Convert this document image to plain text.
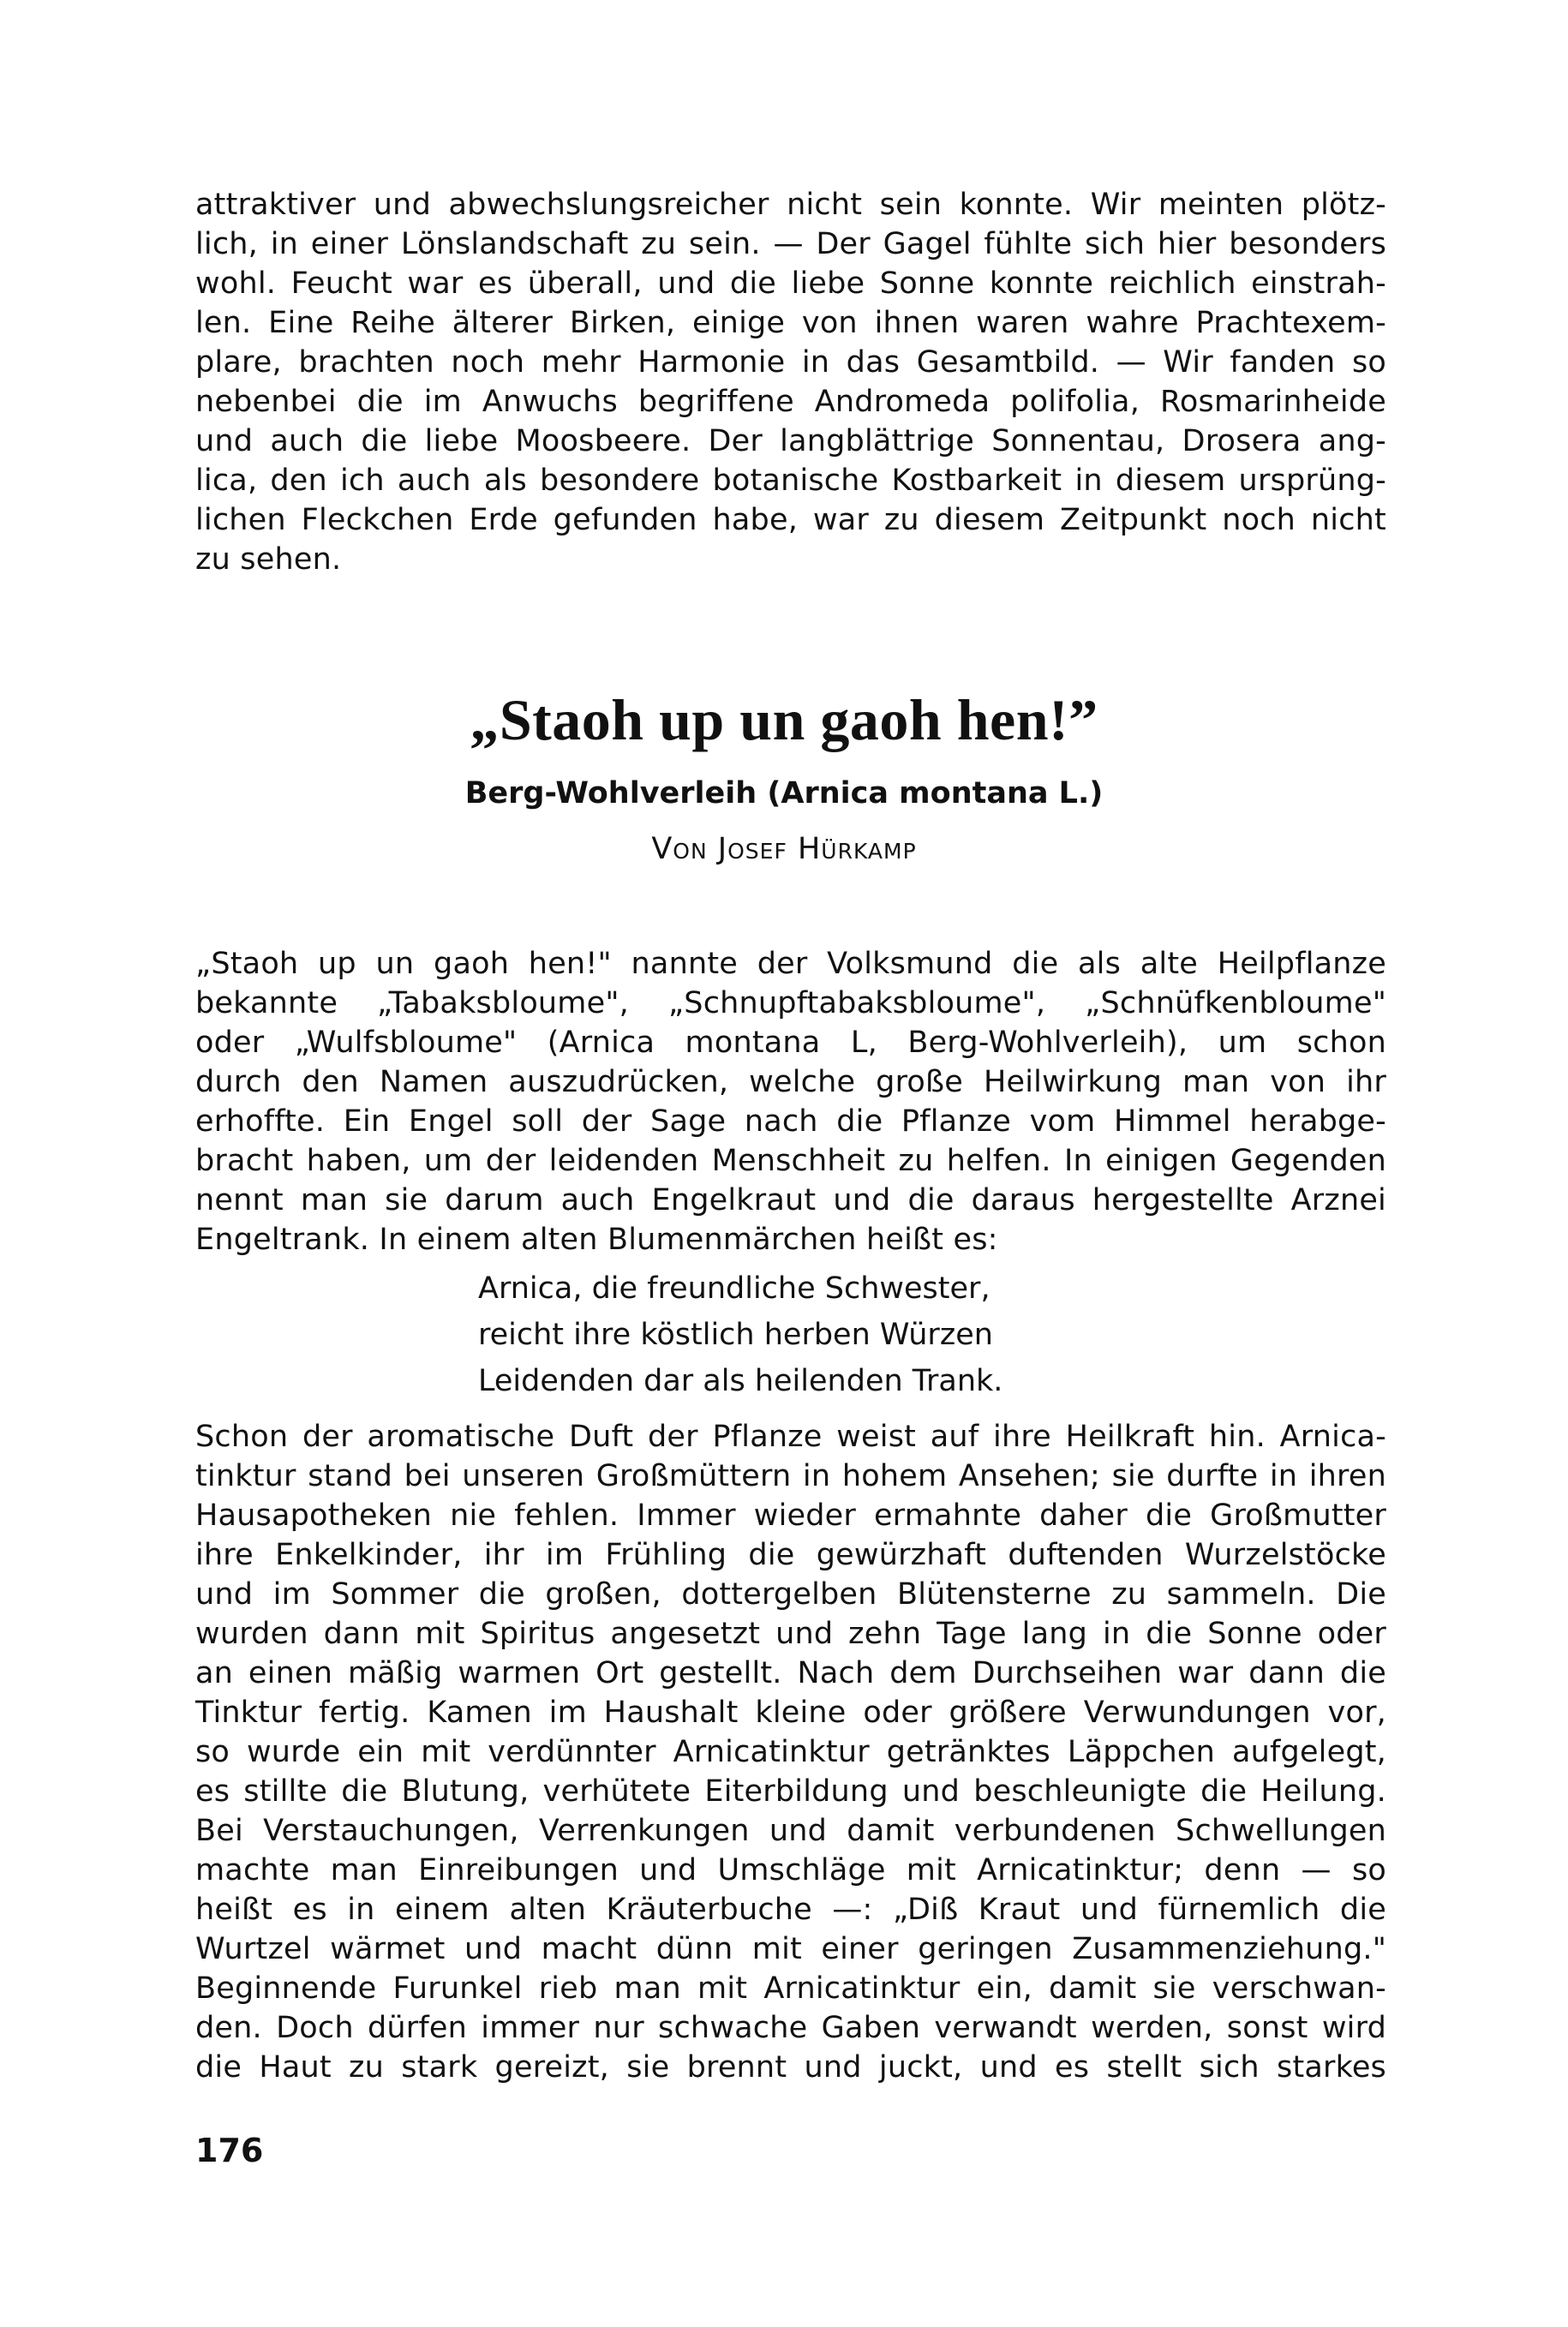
attraktiver und abwechslungsreicher nicht sein konnte. Wir meinten plötz-
lich, in einer Lönslandschaft zu sein. — Der Gagel fühlte sich hier besonders
wohl. Feucht war es überall, und die liebe Sonne konnte reichlich einstrah-
len. Eine Reihe älterer Birken, einige von ihnen waren wahre Prachtexem-
plare, brachten noch mehr Harmonie in das Gesamtbild. — Wir fanden so
nebenbei die im Anwuchs begriffene Andromeda polifolia, Rosmarinheide
und auch die liebe Moosbeere. Der langblättrige Sonnentau, Drosera ang-
lica, den ich auch als besondere botanische Kostbarkeit in diesem ursprüng-
lichen Fleckchen Erde gefunden habe, war zu diesem Zeitpunkt noch nicht
zu sehen.
„Staoh up un gaoh hen!”
Berg-Wohlverleih (Arnica montana L.)
Von Josef Hürkamp
„Staoh up un gaoh hen!" nannte der Volksmund die als alte Heilpflanze
bekannte „Tabaksbloume", „Schnupftabaksbloume", „Schnüfkenbloume"
oder „Wulfsbloume" (Arnica montana L, Berg-Wohlverleih), um schon
durch den Namen auszudrücken, welche große Heilwirkung man von ihr
erhoffte. Ein Engel soll der Sage nach die Pflanze vom Himmel herabge-
bracht haben, um der leidenden Menschheit zu helfen. In einigen Gegenden
nennt man sie darum auch Engelkraut und die daraus hergestellte Arznei
Engeltrank. In einem alten Blumenmärchen heißt es:
Arnica, die freundliche Schwester,
reicht ihre köstlich herben Würzen
Leidenden dar als heilenden Trank.
Schon der aromatische Duft der Pflanze weist auf ihre Heilkraft hin. Arnica-
tinktur stand bei unseren Großmüttern in hohem Ansehen; sie durfte in ihren
Hausapotheken nie fehlen. Immer wieder ermahnte daher die Großmutter
ihre Enkelkinder, ihr im Frühling die gewürzhaft duftenden Wurzelstöcke
und im Sommer die großen, dottergelben Blütensterne zu sammeln. Die
wurden dann mit Spiritus angesetzt und zehn Tage lang in die Sonne oder
an einen mäßig warmen Ort gestellt. Nach dem Durchseihen war dann die
Tinktur fertig. Kamen im Haushalt kleine oder größere Verwundungen vor,
so wurde ein mit verdünnter Arnicatinktur getränktes Läppchen aufgelegt,
es stillte die Blutung, verhütete Eiterbildung und beschleunigte die Heilung.
Bei Verstauchungen, Verrenkungen und damit verbundenen Schwellungen
machte man Einreibungen und Umschläge mit Arnicatinktur; denn — so
heißt es in einem alten Kräuterbuche —: „Diß Kraut und fürnemlich die
Wurtzel wärmet und macht dünn mit einer geringen Zusammenziehung."
Beginnende Furunkel rieb man mit Arnicatinktur ein, damit sie verschwan-
den. Doch dürfen immer nur schwache Gaben verwandt werden, sonst wird
die Haut zu stark gereizt, sie brennt und juckt, und es stellt sich starkes
176
